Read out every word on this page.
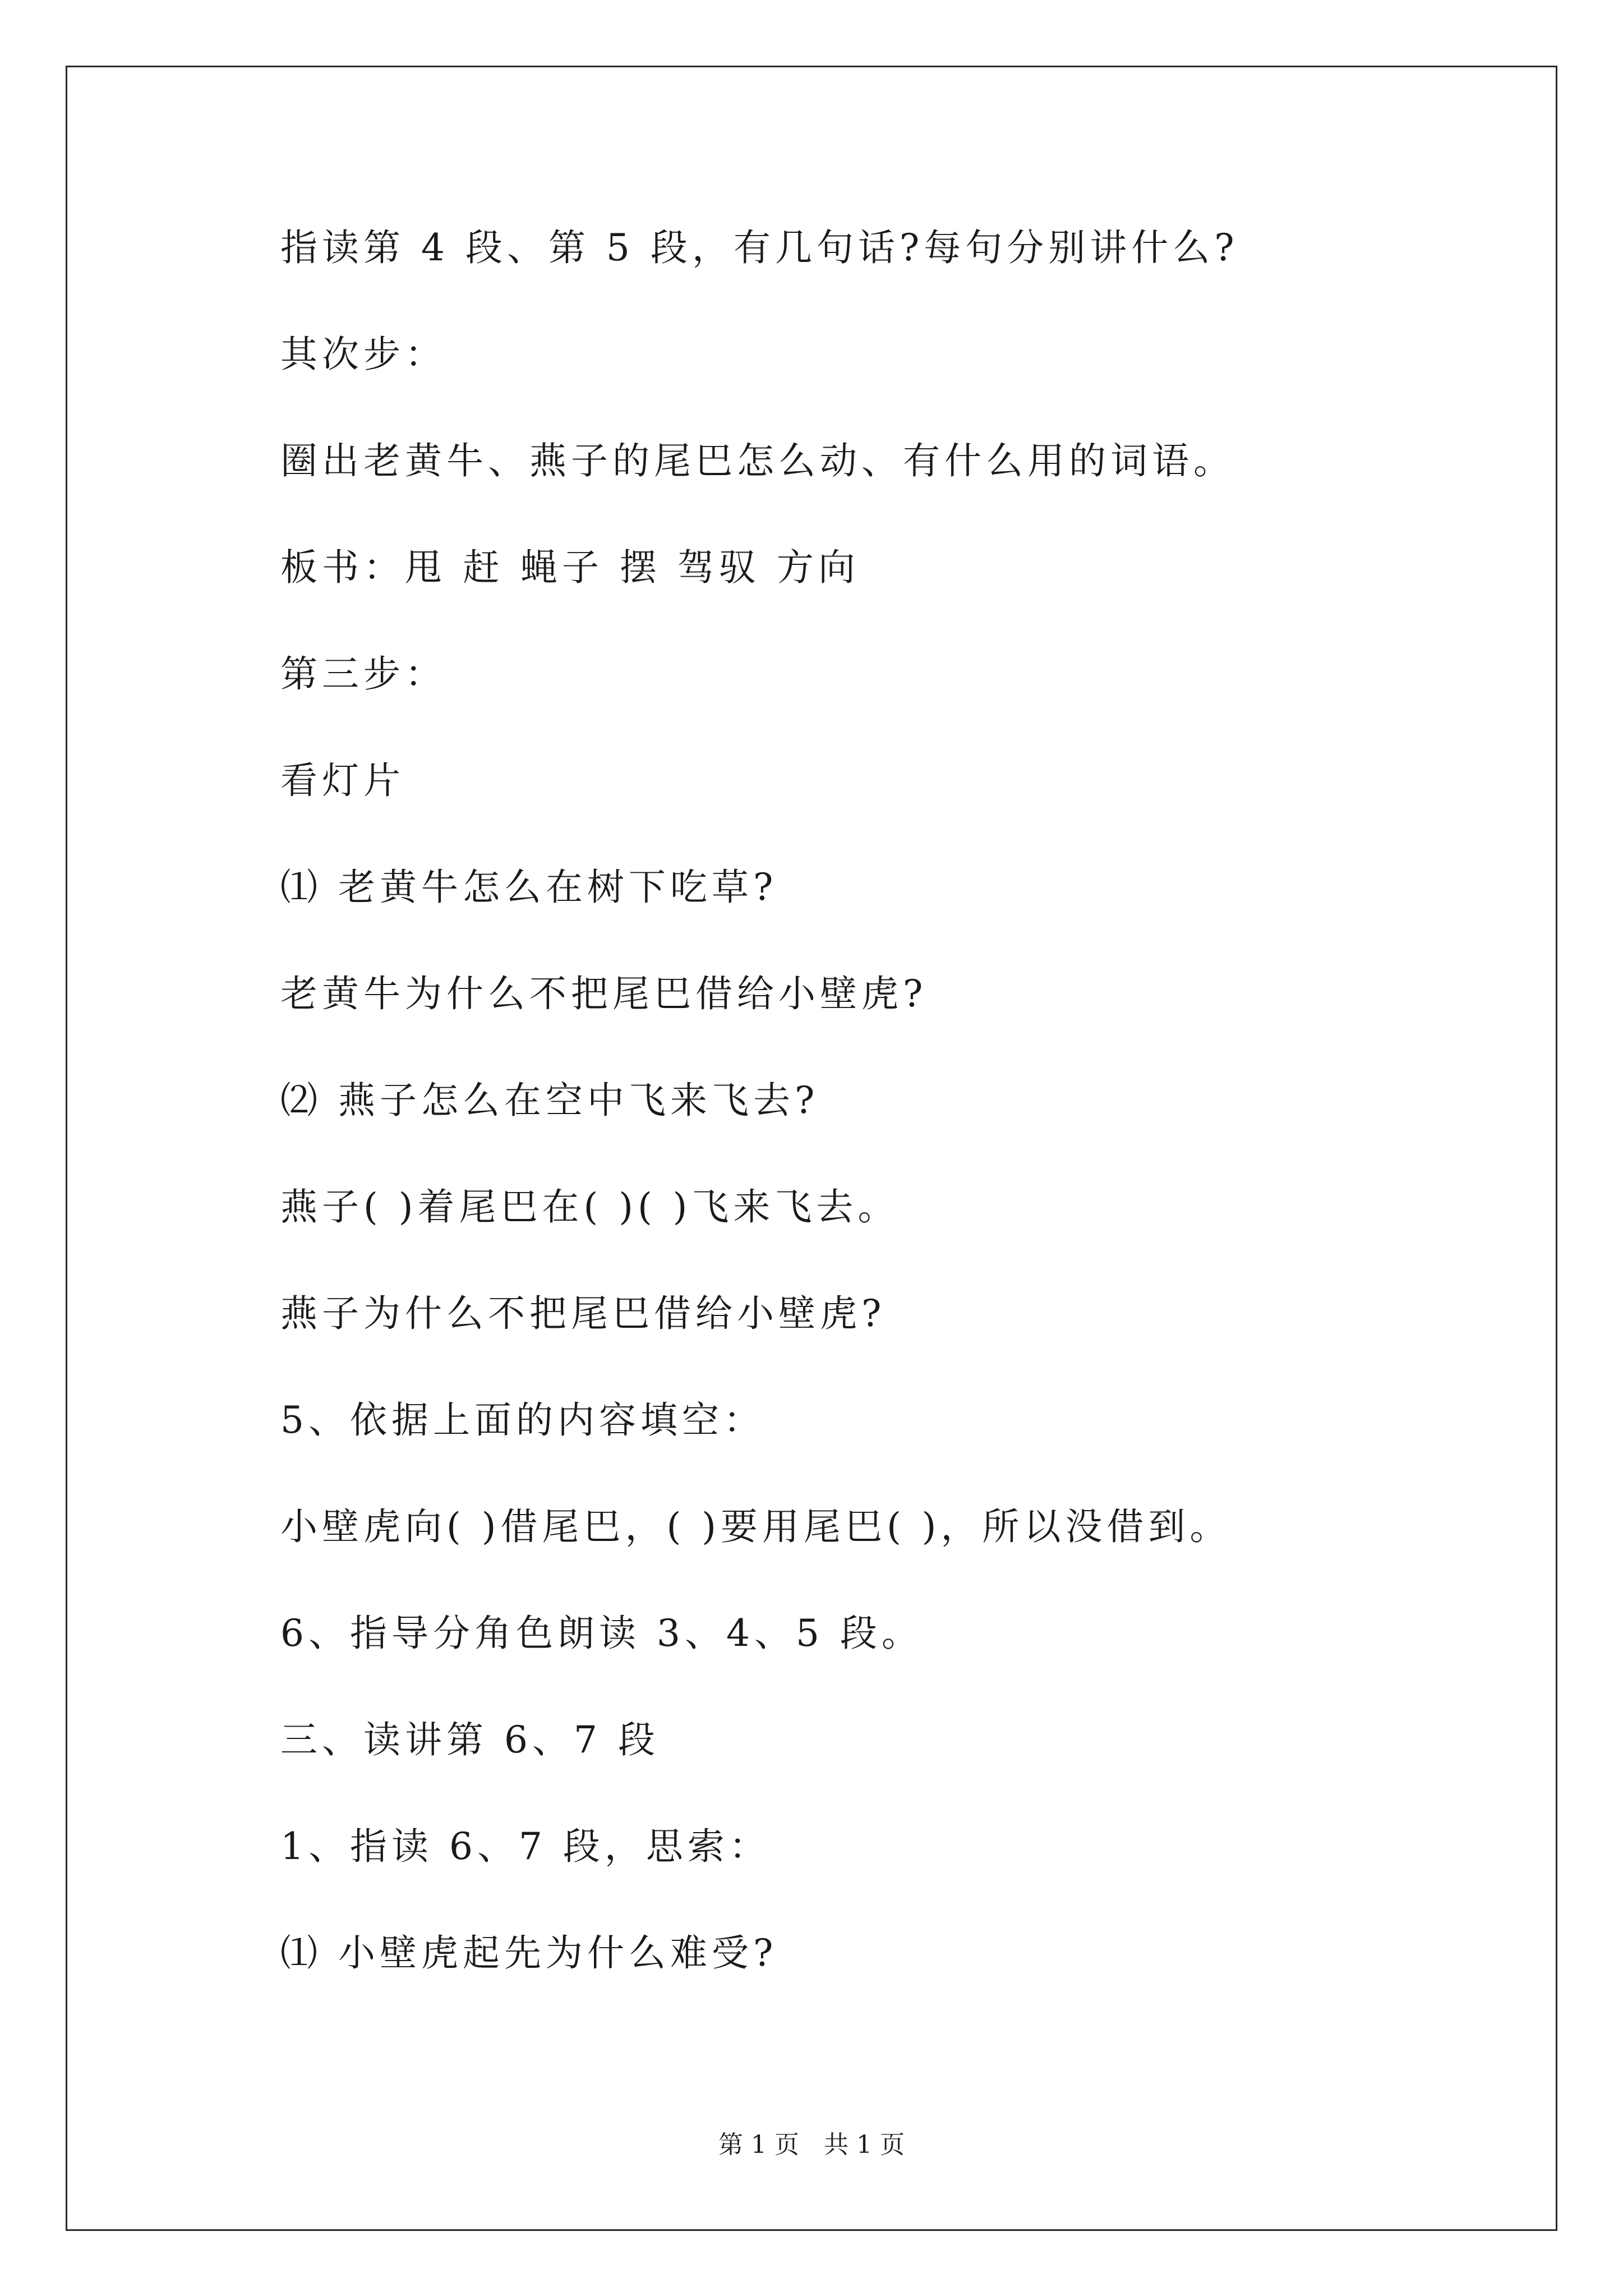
指读第 4 段、第 5 段，有几句话?每句分别讲什么?
其次步：
圈出老黄牛、燕子的尾巴怎么动、有什么用的词语。
板书：甩 赶 蝇子 摆 驾驭 方向
第三步：
看灯片
⑴ 老黄牛怎么在树下吃草?
老黄牛为什么不把尾巴借给小壁虎?
⑵ 燕子怎么在空中飞来飞去?
燕子( )着尾巴在( )( )飞来飞去。
燕子为什么不把尾巴借给小壁虎?
5、依据上面的内容填空：
小壁虎向( )借尾巴，( )要用尾巴( )，所以没借到。
6、指导分角色朗读 3、4、5 段。
三、读讲第 6、7 段
1、指读 6、7 段，思索：
⑴ 小壁虎起先为什么难受?
第 1 页　共 1 页
